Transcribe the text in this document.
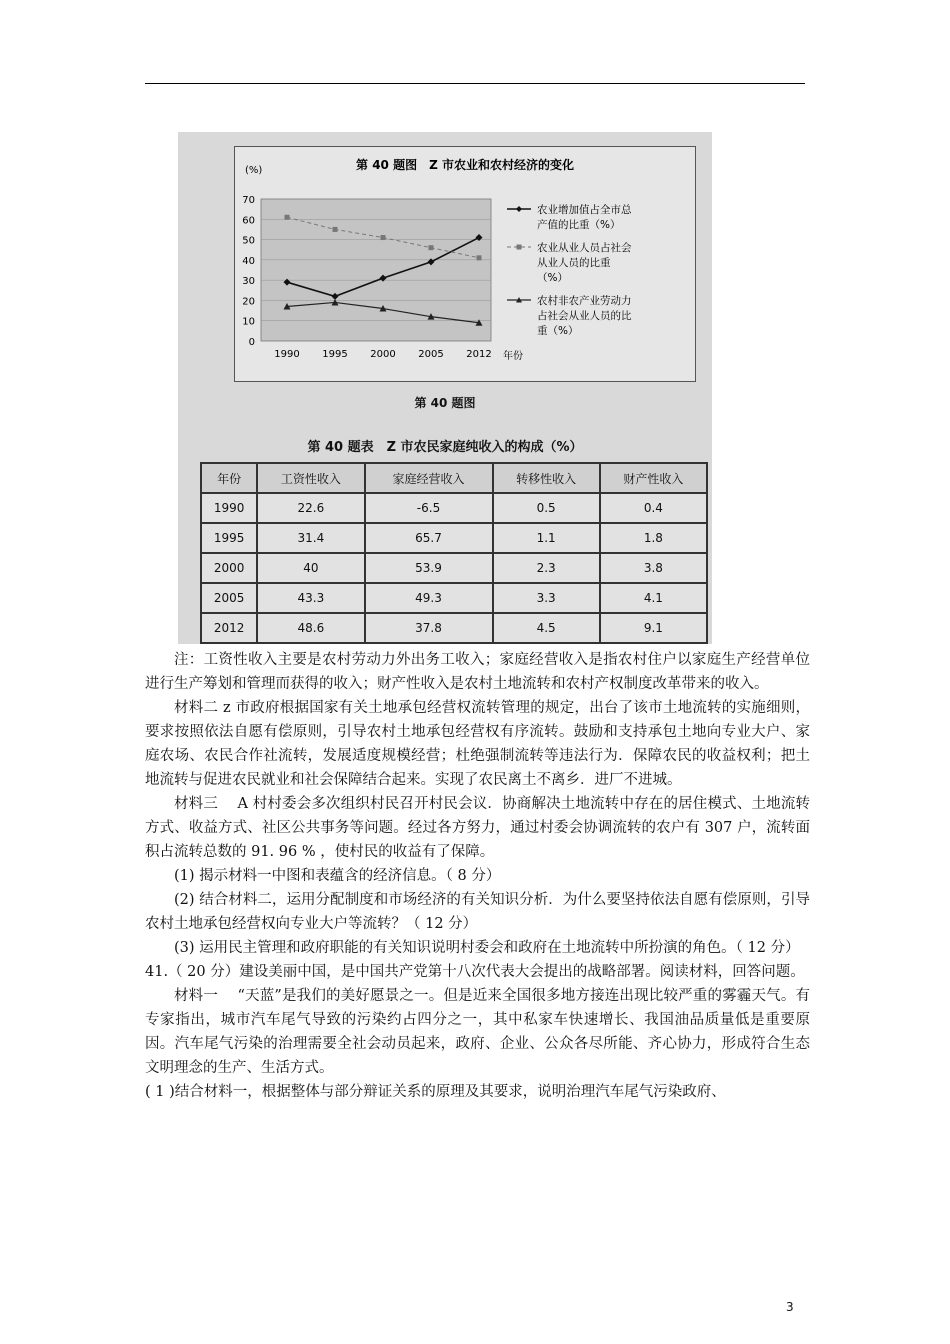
第 40 题图　Z 市农业和农村经济的变化
(%)
70
60
50
40
30
20
10
0
1990 1995 2000 2005 2012 年份
农业增加值占全市总
产值的比重（%）
农业从业人员占社会
从业人员的比重
（%）
农村非农产业劳动力
占社会从业人员的比
重（%）
第 40 题图
第 40 题表　Z 市农民家庭纯收入的构成（%）
年份	工资性收入	家庭经营收入	转移性收入	财产性收入
1990	22.6	-6.5	0.5	0.4
1995	31.4	65.7	1.1	1.8
2000	40	53.9	2.3	3.8
2005	43.3	49.3	3.3	4.1
2012	48.6	37.8	4.5	9.1

注：工资性收入主要是农村劳动力外出务工收入；家庭经营收入是指农村住户以家庭生产经营单位进行生产筹划和管理而获得的收入；财产性收入是农村土地流转和农村产权制度改革带来的收入。

材料二 z 市政府根据国家有关土地承包经营权流转管理的规定，出台了该市土地流转的实施细则，要求按照依法自愿有偿原则，引导农村土地承包经营权有序流转。鼓励和支持承包土地向专业大户、家庭农场、农民合作社流转，发展适度规模经营；杜绝强制流转等违法行为．保障农民的收益权利；把土地流转与促进农民就业和社会保障结合起来。实现了农民离土不离乡．进厂不进城。

材料三　 A 村村委会多次组织村民召开村民会议．协商解决土地流转中存在的居住模式、土地流转方式、收益方式、社区公共事务等问题。经过各方努力，通过村委会协调流转的农户有 307 户，流转面积占流转总数的 91. 96 % ，使村民的收益有了保障。

(1) 揭示材料一中图和表蕴含的经济信息。（ 8 分）

(2) 结合材料二，运用分配制度和市场经济的有关知识分析．为什么要坚持依法自愿有偿原则，引导农村土地承包经营权向专业大户等流转？（ 12 分）

(3) 运用民主管理和政府职能的有关知识说明村委会和政府在土地流转中所扮演的角色。（ 12 分）

41.（ 20 分）建设美丽中国，是中国共产党第十八次代表大会提出的战略部署。阅读材料，回答问题。

材料一　 “天蓝”是我们的美好愿景之一。但是近来全国很多地方接连出现比较严重的雾霾天气。有专家指出，城市汽车尾气导致的污染约占四分之一，其中私家车快速增长、我国油品质量低是重要原因。汽车尾气污染的治理需要全社会动员起来，政府、企业、公众各尽所能、齐心协力，形成符合生态文明理念的生产、生活方式。

( 1 )结合材料一，根据整体与部分辩证关系的原理及其要求，说明治理汽车尾气污染政府、

3
